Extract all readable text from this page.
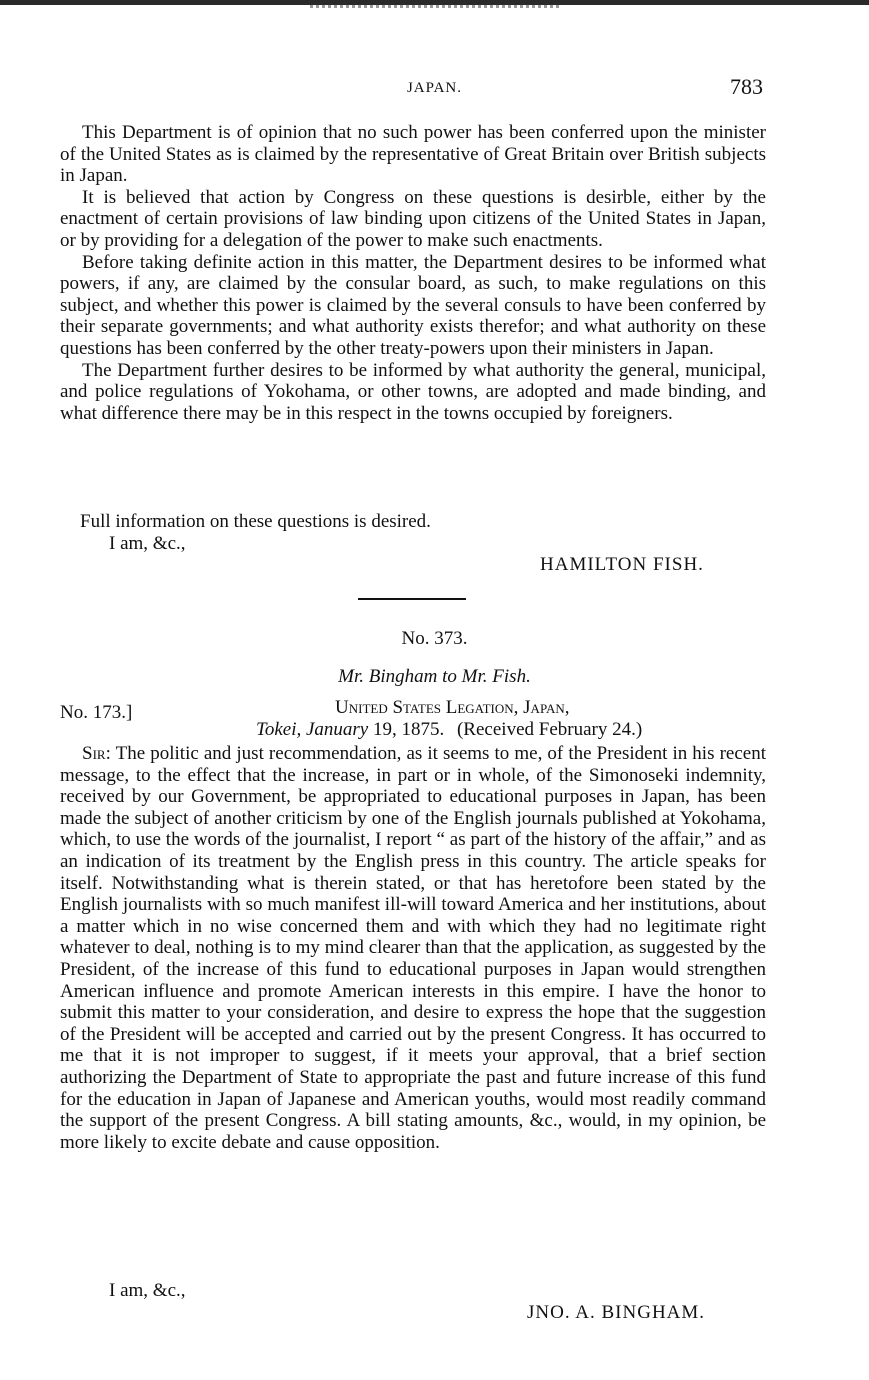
JAPAN.	783

This Department is of opinion that no such power has been conferred upon the minister of the United States as is claimed by the representative of Great Britain over British subjects in Japan.

It is believed that action by Congress on these questions is desirble, either by the enactment of certain provisions of law binding upon citizens of the United States in Japan, or by providing for a delegation of the power to make such enactments.

Before taking definite action in this matter, the Department desires to be informed what powers, if any, are claimed by the consular board, as such, to make regulations on this subject, and whether this power is claimed by the several consuls to have been conferred by their separate governments; and what authority exists therefor; and what authority on these questions has been conferred by the other treaty-powers upon their ministers in Japan.

The Department further desires to be informed by what authority the general, municipal, and police regulations of Yokohama, or other towns, are adopted and made binding, and what difference there may be in this respect in the towns occupied by foreigners.

Full information on these questions is desired.
I am, &c.,
HAMILTON FISH.
No. 373.
Mr. Bingham to Mr. Fish.
No. 173.]	United States Legation, Japan,
Tokei, January 19, 1875. (Received February 24.)

Sir: The politic and just recommendation, as it seems to me, of the President in his recent message, to the effect that the increase, in part or in whole, of the Simonoseki indemnity, received by our Government, be appropriated to educational purposes in Japan, has been made the subject of another criticism by one of the English journals published at Yokohama, which, to use the words of the journalist, I report “ as part of the history of the affair,” and as an indication of its treatment by the English press in this country. The article speaks for itself. Notwithstanding what is therein stated, or that has heretofore been stated by the English journalists with so much manifest ill-will toward America and her institutions, about a matter which in no wise concerned them and with which they had no legitimate right whatever to deal, nothing is to my mind clearer than that the application, as suggested by the President, of the increase of this fund to educational purposes in Japan would strengthen American influence and promote American interests in this empire. I have the honor to submit this matter to your consideration, and desire to express the hope that the suggestion of the President will be accepted and carried out by the present Congress. It has occurred to me that it is not improper to suggest, if it meets your approval, that a brief section authorizing the Department of State to appropriate the past and future increase of this fund for the education in Japan of Japanese and American youths, would most readily command the support of the present Congress. A bill stating amounts, &c., would, in my opinion, be more likely to excite debate and cause opposition.

I am, &c.,
JNO. A. BINGHAM.
